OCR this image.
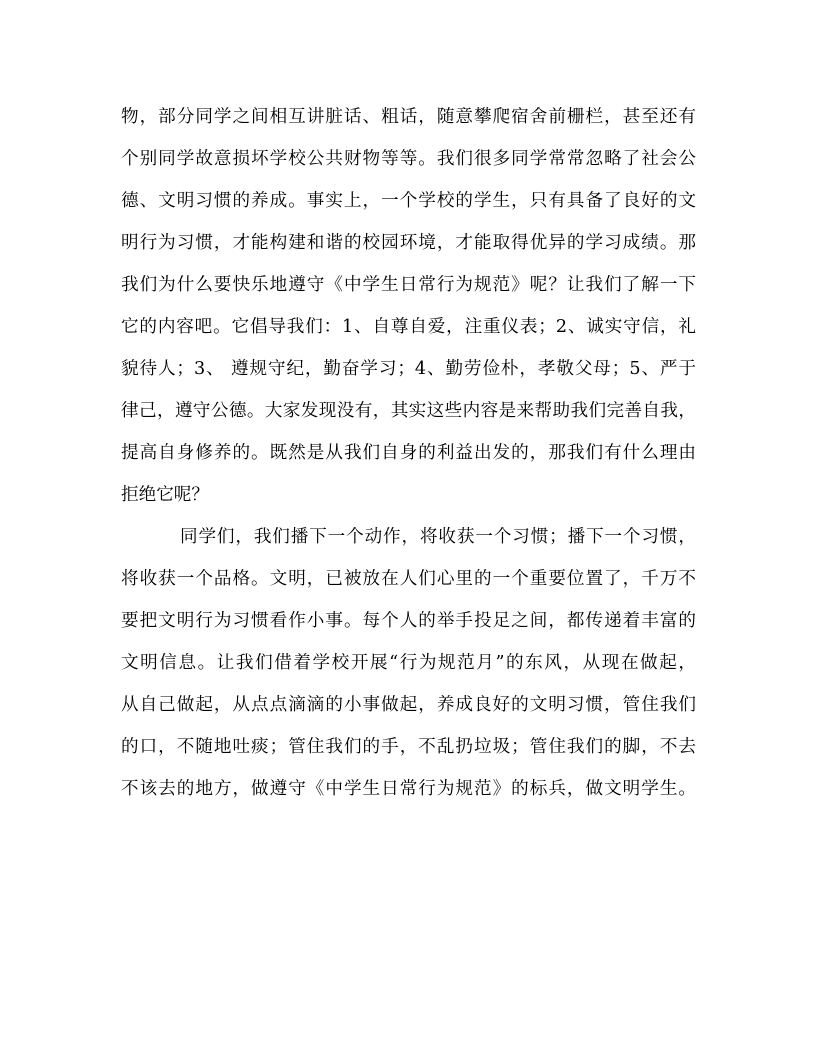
物，部分同学之间相互讲脏话、粗话，随意攀爬宿舍前栅栏，甚至还有
个别同学故意损坏学校公共财物等等。我们很多同学常常忽略了社会公
德、文明习惯的养成。事实上，一个学校的学生，只有具备了良好的文
明行为习惯，才能构建和谐的校园环境，才能取得优异的学习成绩。那
我们为什么要快乐地遵守《中学生日常行为规范》呢？让我们了解一下
它的内容吧。它倡导我们：1、自尊自爱，注重仪表；2、诚实守信，礼
貌待人；3、 遵规守纪，勤奋学习；4、勤劳俭朴，孝敬父母；5、严于
律己，遵守公德。大家发现没有，其实这些内容是来帮助我们完善自我，
提高自身修养的。既然是从我们自身的利益出发的，那我们有什么理由
拒绝它呢？
同学们，我们播下一个动作，将收获一个习惯；播下一个习惯，
将收获一个品格。文明，已被放在人们心里的一个重要位置了，千万不
要把文明行为习惯看作小事。每个人的举手投足之间，都传递着丰富的
文明信息。让我们借着学校开展“行为规范月”的东风，从现在做起，
从自己做起，从点点滴滴的小事做起，养成良好的文明习惯，管住我们
的口，不随地吐痰；管住我们的手，不乱扔垃圾；管住我们的脚，不去
不该去的地方，做遵守《中学生日常行为规范》的标兵，做文明学生。
